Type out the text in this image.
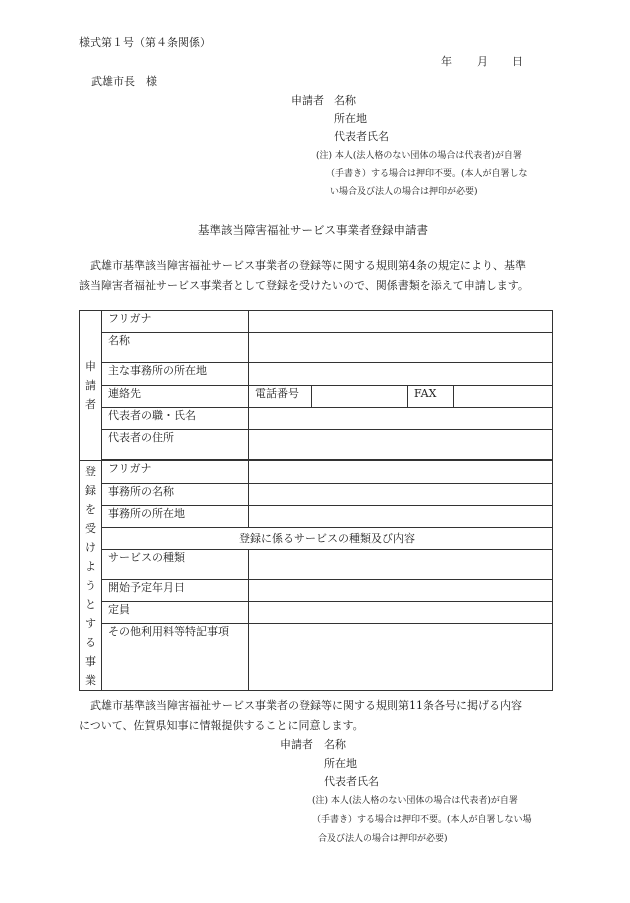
様式第１号（第４条関係）
年 月 日
武雄市長　様
申請者 名称
所在地
代表者氏名
(注) 本人(法人格のない団体の場合は代表者)が自署
（手書き）する場合は押印不要。(本人が自署しな
い場合及び法人の場合は押印が必要)
基準該当障害福祉サービス事業者登録申請書
武雄市基準該当障害福祉サービス事業者の登録等に関する規則第4条の規定により、基準
該当障害者福祉サービス事業者として登録を受けたいので、関係書類を添えて申請します。
申請者	フリガナ				
	名称				
	主な事務所の所在地				
	連絡先	電話番号		FAX	
	代表者の職・氏名				
	代表者の住所				

登録を受けようとする事業	フリガナ				
	事務所の名称				
	事務所の所在地				
	登録に係るサービスの種類及び内容				
	サービスの種類				
	開始予定年月日				
	定員				
	その他利用料等特記事項				
武雄市基準該当障害福祉サービス事業者の登録等に関する規則第11条各号に掲げる内容
について、佐賀県知事に情報提供することに同意します。
申請者 名称
所在地
代表者氏名
(注) 本人(法人格のない団体の場合は代表者)が自署
（手書き）する場合は押印不要。(本人が自署しない場
合及び法人の場合は押印が必要)
